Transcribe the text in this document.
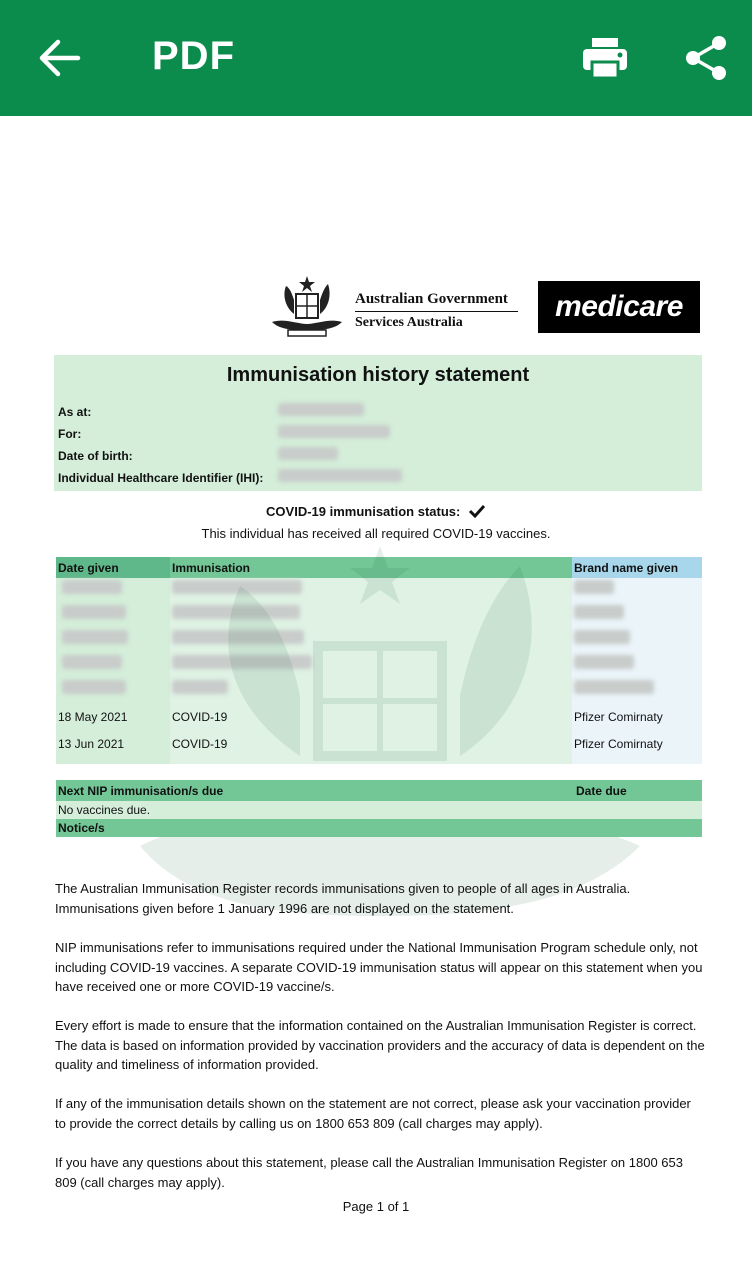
PDF
Australian Government
Services Australia	medicare
Immunisation history statement
As at:
For:
Date of birth:
Individual Healthcare Identifier (IHI):
COVID-19 immunisation status:
This individual has received all required COVID-19 vaccines.
Date given	Immunisation	Brand name given
18 May 2021	COVID-19	Pfizer Comirnaty
13 Jun 2021	COVID-19	Pfizer Comirnaty
Next NIP immunisation/s due	Date due
No vaccines due.
Notice/s
The Australian Immunisation Register records immunisations given to people of all ages in Australia. Immunisations given before 1 January 1996 are not displayed on the statement.
NIP immunisations refer to immunisations required under the National Immunisation Program schedule only, not including COVID-19 vaccines. A separate COVID-19 immunisation status will appear on this statement when you have received one or more COVID-19 vaccine/s.
Every effort is made to ensure that the information contained on the Australian Immunisation Register is correct. The data is based on information provided by vaccination providers and the accuracy of data is dependent on the quality and timeliness of information provided.
If any of the immunisation details shown on the statement are not correct, please ask your vaccination provider to provide the correct details by calling us on 1800 653 809 (call charges may apply).
If you have any questions about this statement, please call the Australian Immunisation Register on 1800 653 809 (call charges may apply).
Page 1 of 1
